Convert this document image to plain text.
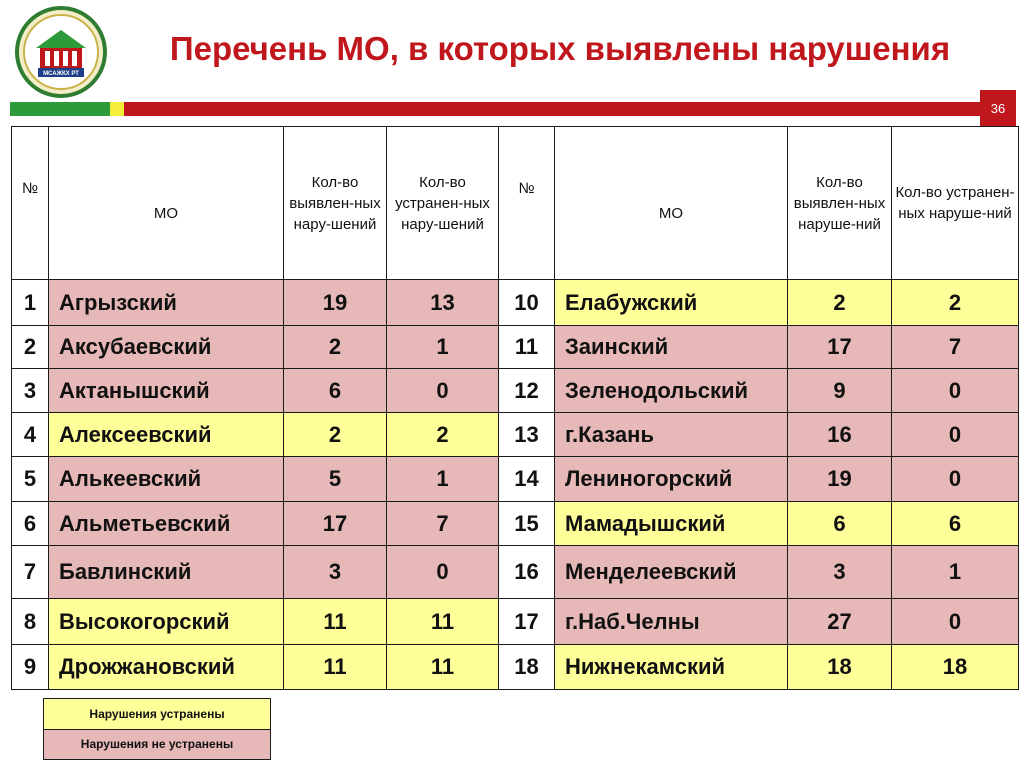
МСАЖКХ РТ
Перечень МО, в которых выявлены нарушения
36
№	МО	Кол-во выявлен-ных нару-шений	Кол-во устранен-ных нару-шений	№	МО	Кол-во выявлен-ных наруше-ний	Кол-во устранен-ных наруше-ний
1	Агрызский	19	13	10	Елабужский	2	2
2	Аксубаевский	2	1	11	Заинский	17	7
3	Актанышский	6	0	12	Зеленодольский	9	0
4	Алексеевский	2	2	13	г.Казань	16	0
5	Алькеевский	5	1	14	Лениногорский	19	0
6	Альметьевский	17	7	15	Мамадышский	6	6
7	Бавлинский	3	0	16	Менделеевский	3	1
8	Высокогорский	11	11	17	г.Наб.Челны	27	0
9	Дрожжановский	11	11	18	Нижнекамский	18	18
Нарушения устранены
Нарушения не устранены
